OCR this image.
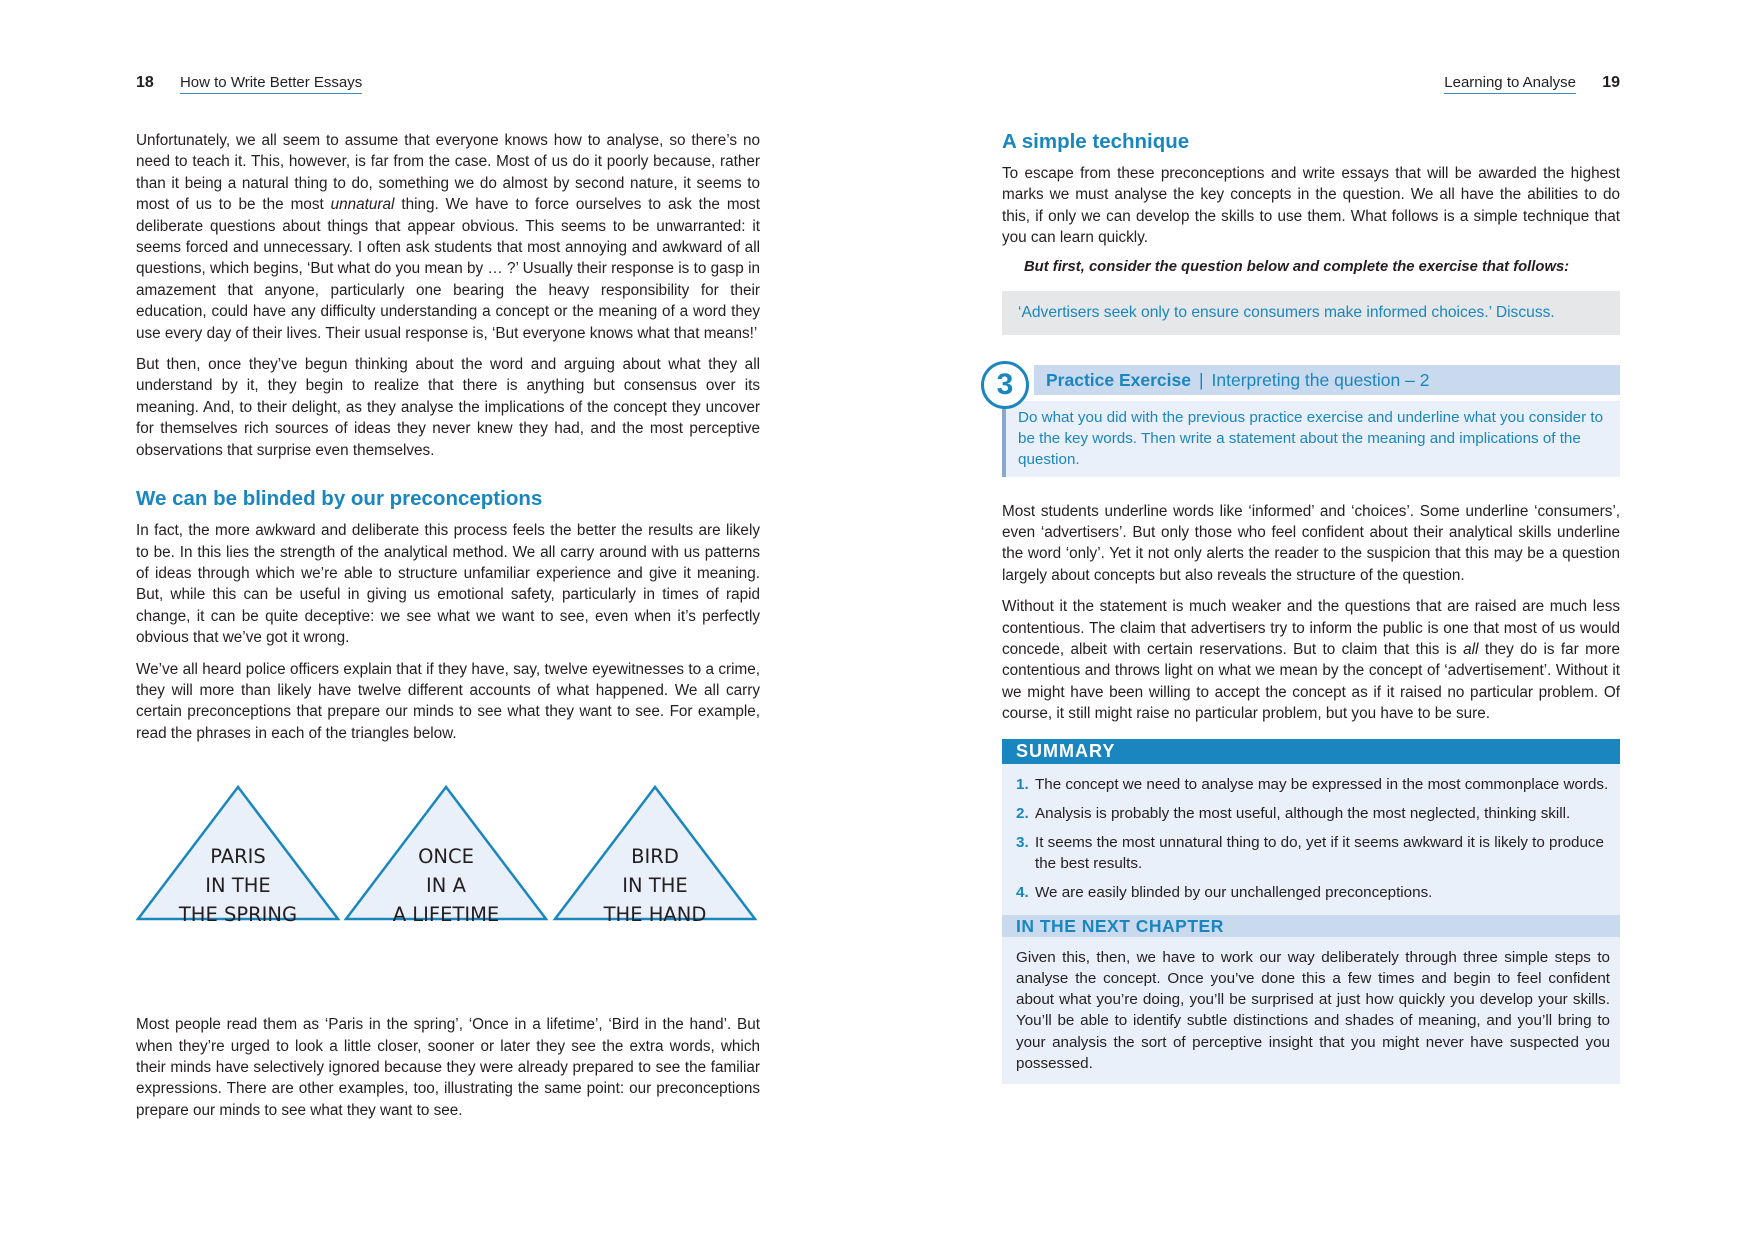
18 How to Write Better Essays

Unfortunately, we all seem to assume that everyone knows how to analyse, so there’s no need to teach it. This, however, is far from the case. Most of us do it poorly because, rather than it being a natural thing to do, something we do almost by second nature, it seems to most of us to be the most unnatural thing. We have to force ourselves to ask the most deliberate questions about things that appear obvious. This seems to be unwarranted: it seems forced and unnecessary. I often ask students that most annoying and awkward of all questions, which begins, ‘But what do you mean by … ?’ Usually their response is to gasp in amazement that anyone, particularly one bearing the heavy responsibility for their education, could have any difficulty understanding a concept or the meaning of a word they use every day of their lives. Their usual response is, ‘But everyone knows what that means!’

But then, once they’ve begun thinking about the word and arguing about what they all understand by it, they begin to realize that there is anything but consensus over its meaning. And, to their delight, as they analyse the implications of the concept they uncover for themselves rich sources of ideas they never knew they had, and the most perceptive observations that surprise even themselves.

We can be blinded by our preconceptions

In fact, the more awkward and deliberate this process feels the better the results are likely to be. In this lies the strength of the analytical method. We all carry around with us patterns of ideas through which we’re able to structure unfamiliar experience and give it meaning. But, while this can be useful in giving us emotional safety, particularly in times of rapid change, it can be quite deceptive: we see what we want to see, even when it’s perfectly obvious that we’ve got it wrong.

We’ve all heard police officers explain that if they have, say, twelve eyewitnesses to a crime, they will more than likely have twelve different accounts of what happened. We all carry certain preconceptions that prepare our minds to see what they want to see. For example, read the phrases in each of the triangles below.

PARIS
IN THE
THE SPRING
ONCE
IN A
A LIFETIME
BIRD
IN THE
THE HAND

Most people read them as ‘Paris in the spring’, ‘Once in a lifetime’, ‘Bird in the hand’. But when they’re urged to look a little closer, sooner or later they see the extra words, which their minds have selectively ignored because they were already prepared to see the familiar expressions. There are other examples, too, illustrating the same point: our preconceptions prepare our minds to see what they want to see.

Learning to Analyse 19
A simple technique

To escape from these preconceptions and write essays that will be awarded the highest marks we must analyse the key concepts in the question. We all have the abilities to do this, if only we can develop the skills to use them. What follows is a simple technique that you can learn quickly.

But first, consider the question below and complete the exercise that follows:

‘Advertisers seek only to ensure consumers make informed choices.’ Discuss.
3	Practice Exercise | Interpreting the question – 2
Do what you did with the previous practice exercise and underline what you consider to be the key words. Then write a statement about the meaning and implications of the question.

Most students underline words like ‘informed’ and ‘choices’. Some underline ‘consumers’, even ‘advertisers’. But only those who feel confident about their analytical skills underline the word ‘only’. Yet it not only alerts the reader to the suspicion that this may be a question largely about concepts but also reveals the structure of the question.

Without it the statement is much weaker and the questions that are raised are much less contentious. The claim that advertisers try to inform the public is one that most of us would concede, albeit with certain reservations. But to claim that this is all they do is far more contentious and throws light on what we mean by the concept of ‘advertisement’. Without it we might have been willing to accept the concept as if it raised no particular problem. Of course, it still might raise no particular problem, but you have to be sure.

SUMMARY
1. The concept we need to analyse may be expressed in the most commonplace words.
2. Analysis is probably the most useful, although the most neglected, thinking skill.
3. It seems the most unnatural thing to do, yet if it seems awkward it is likely to produce the best results.
4. We are easily blinded by our unchallenged preconceptions.
IN THE NEXT CHAPTER
Given this, then, we have to work our way deliberately through three simple steps to analyse the concept. Once you’ve done this a few times and begin to feel confident about what you’re doing, you’ll be surprised at just how quickly you develop your skills. You’ll be able to identify subtle distinctions and shades of meaning, and you’ll bring to your analysis the sort of perceptive insight that you might never have suspected you possessed.
